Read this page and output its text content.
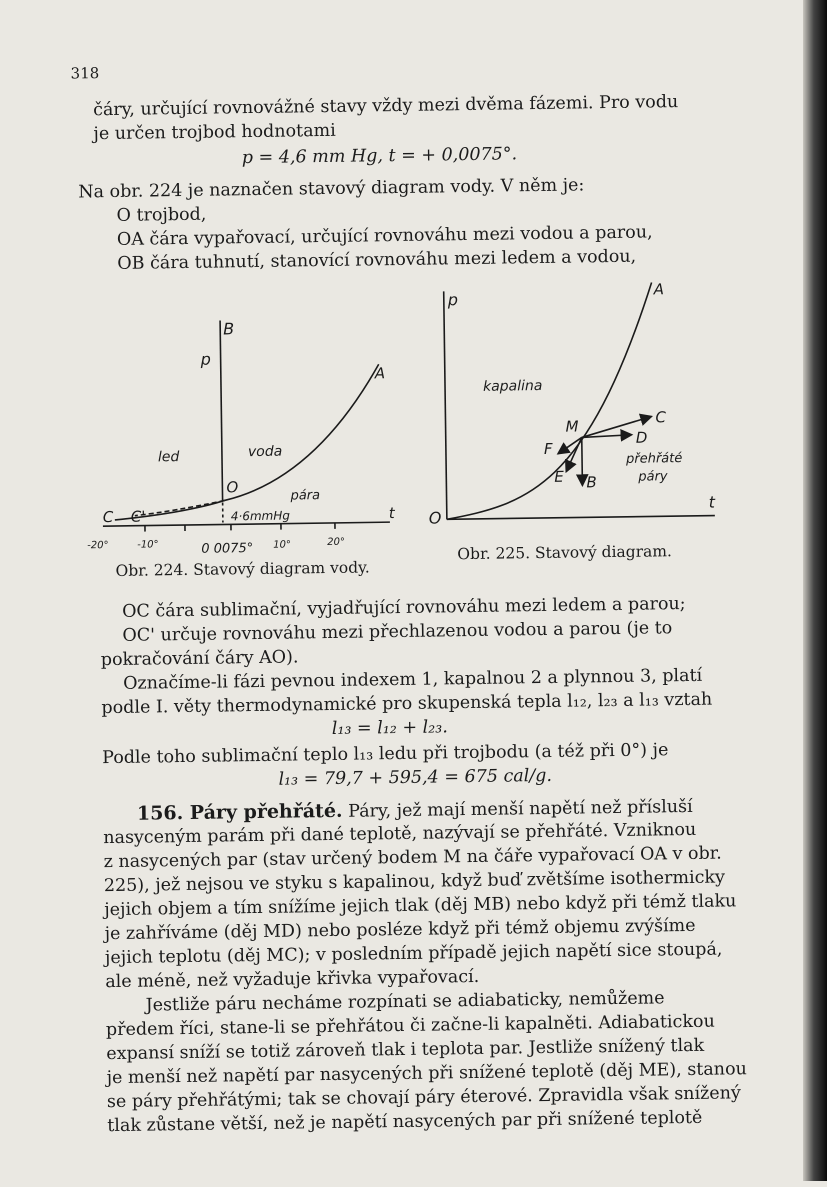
318
čáry, určující rovnovážné stavy vždy mezi dvěma fázemi. Pro vodu
je určen trojbod hodnotami
p = 4,6 mm Hg, t = + 0,0075°.
Na obr. 224 je naznačen stavový diagram vody. V něm je:
O trojbod,
OA čára vypařovací, určující rovnováhu mezi vodou a parou,
OB čára tuhnutí, stanovící rovnováhu mezi ledem a vodou,
B
p
A
led	voda
O	pára
4·6mmHg	t
C C'
-20°	-10°	0 0075° 10°	20°
Obr. 224. Stavový diagram vody.
p
A
kapalina
M
C
D
F
E B
přehřáté
páry
O
t
Obr. 225. Stavový diagram.
OC čára sublimační, vyjadřující rovnováhu mezi ledem a parou;
OC' určuje rovnováhu mezi přechlazenou vodou a parou (je to
pokračování čáry AO).
Označíme-li fázi pevnou indexem 1, kapalnou 2 a plynnou 3, platí
podle I. věty thermodynamické pro skupenská tepla l₁₂, l₂₃ a l₁₃ vztah
l₁₃ = l₁₂ + l₂₃.
Podle toho sublimační teplo l₁₃ ledu při trojbodu (a též při 0°) je
l₁₃ = 79,7 + 595,4 = 675 cal/g.
156. Páry přehřáté. Páry, jež mají menší napětí než přísluší
nasyceným parám při dané teplotě, nazývají se přehřáté. Vzniknou
z nasycených par (stav určený bodem M na čáře vypařovací OA v obr.
225), jež nejsou ve styku s kapalinou, když buď zvětšíme isothermicky
jejich objem a tím snížíme jejich tlak (děj MB) nebo když při témž tlaku
je zahříváme (děj MD) nebo posléze když při témž objemu zvýšíme
jejich teplotu (děj MC); v posledním případě jejich napětí sice stoupá,
ale méně, než vyžaduje křivka vypařovací.
Jestliže páru necháme rozpínati se adiabaticky, nemůžeme
předem říci, stane-li se přehřátou či začne-li kapalněti. Adiabatickou
expansí sníží se totiž zároveň tlak i teplota par. Jestliže snížený tlak
je menší než napětí par nasycených při snížené teplotě (děj ME), stanou
se páry přehřátými; tak se chovají páry éterové. Zpravidla však snížený
tlak zůstane větší, než je napětí nasycených par při snížené teplotě
